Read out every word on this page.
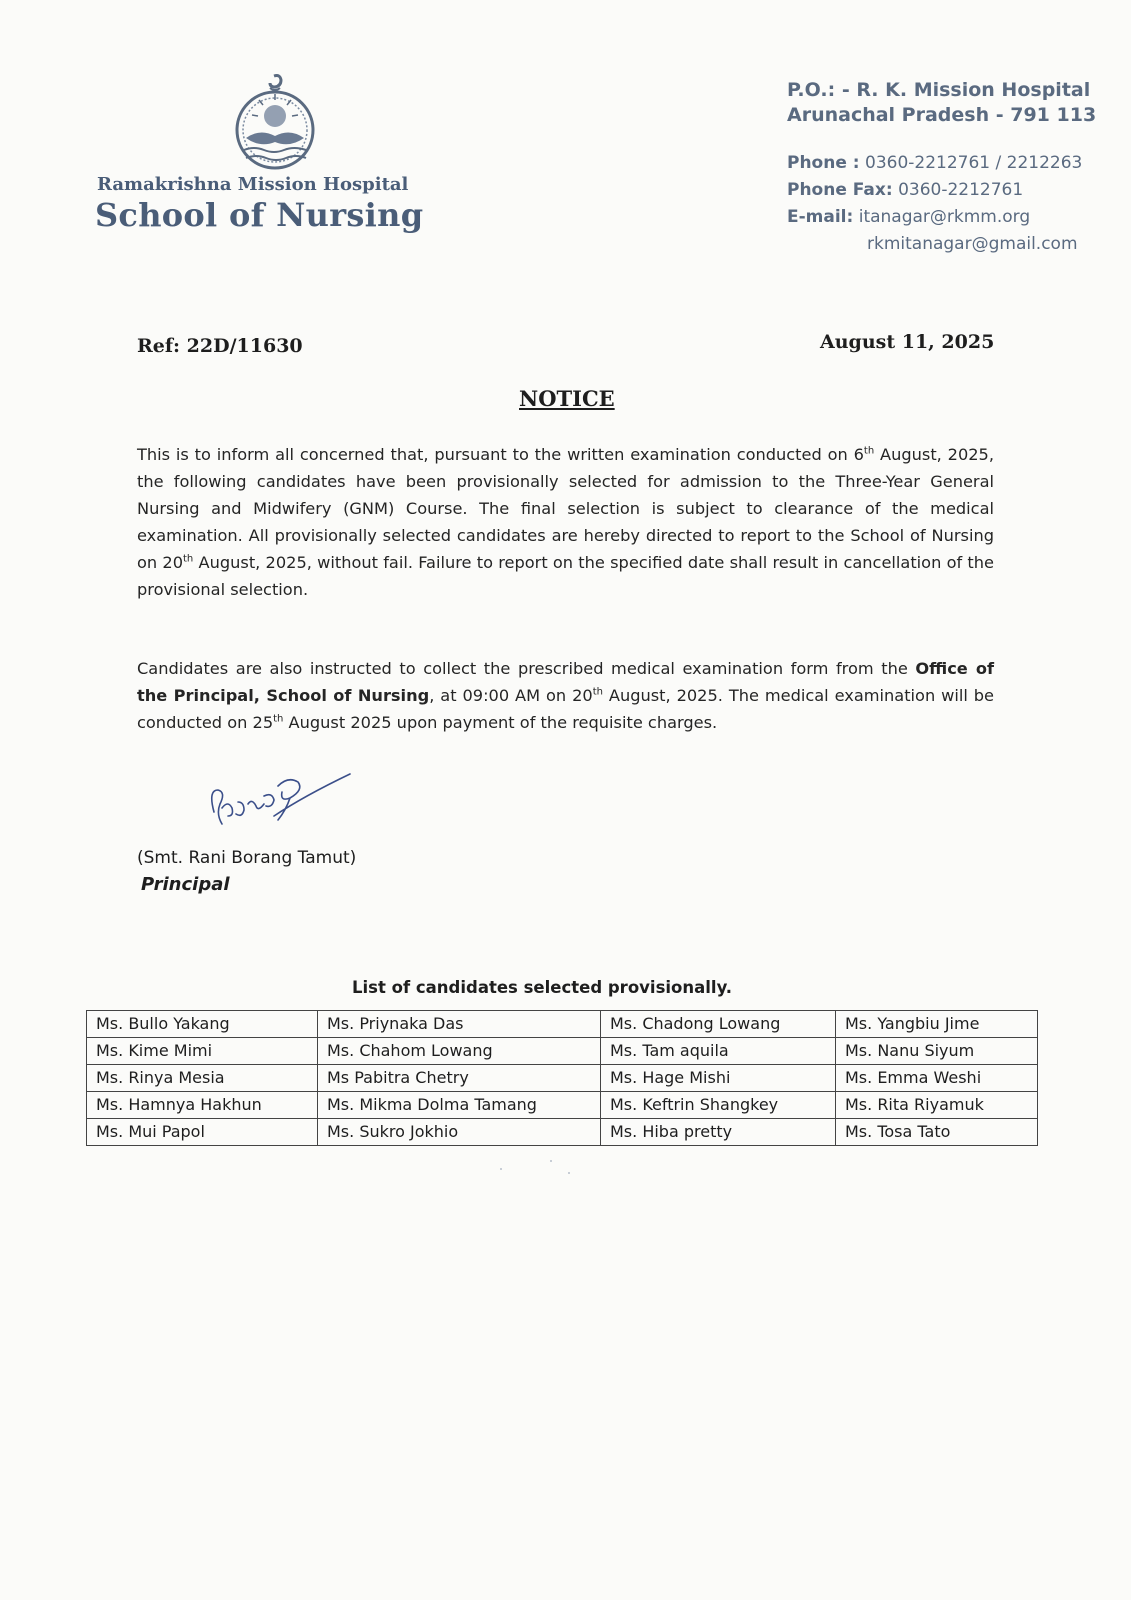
Ramakrishna Mission Hospital
School of Nursing
P.O.: - R. K. Mission Hospital
Arunachal Pradesh - 791 113
Phone : 0360-2212761 / 2212263
Phone Fax: 0360-2212761
E-mail: itanagar@rkmm.org
rkmitanagar@gmail.com
Ref: 22D/11630	August 11, 2025
NOTICE
This is to inform all concerned that, pursuant to the written examination conducted on 6th August, 2025, the following candidates have been provisionally selected for admission to the Three-Year General Nursing and Midwifery (GNM) Course. The final selection is subject to clearance of the medical examination. All provisionally selected candidates are hereby directed to report to the School of Nursing on 20th August, 2025, without fail. Failure to report on the specified date shall result in cancellation of the provisional selection.
Candidates are also instructed to collect the prescribed medical examination form from the Office of the Principal, School of Nursing, at 09:00 AM on 20th August, 2025. The medical examination will be conducted on 25th August 2025 upon payment of the requisite charges.
(Smt. Rani Borang Tamut)
Principal
List of candidates selected provisionally.
Ms. Bullo Yakang	Ms. Priynaka Das	Ms. Chadong Lowang	Ms. Yangbiu Jime
Ms. Kime Mimi	Ms. Chahom Lowang	Ms. Tam aquila	Ms. Nanu Siyum
Ms. Rinya Mesia	Ms Pabitra Chetry	Ms. Hage Mishi	Ms. Emma Weshi
Ms. Hamnya Hakhun	Ms. Mikma Dolma Tamang	Ms. Keftrin Shangkey	Ms. Rita Riyamuk
Ms. Mui Papol	Ms. Sukro Jokhio	Ms. Hiba pretty	Ms. Tosa Tato
